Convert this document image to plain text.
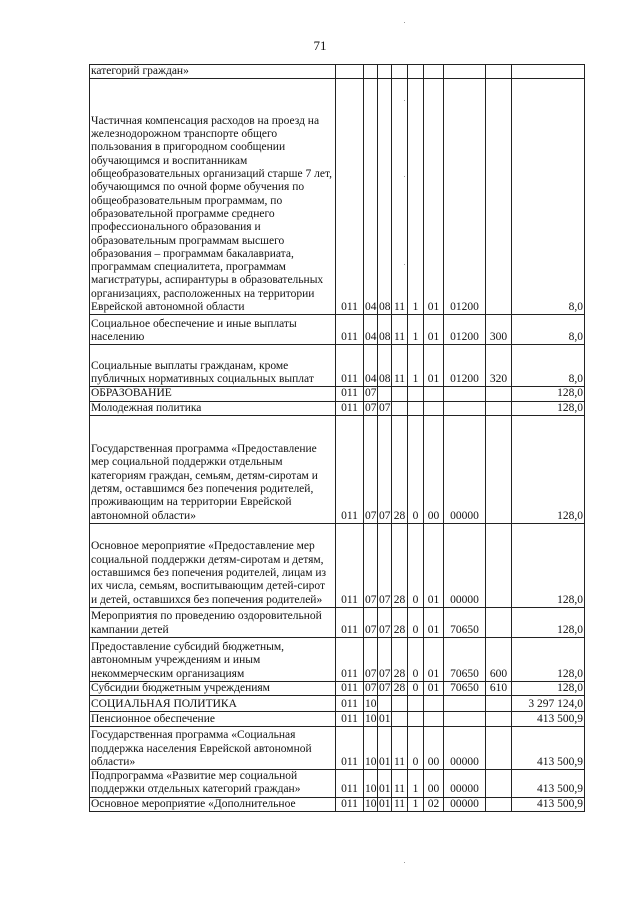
71
категорий граждан»									
Частичная компенсация расходов на проезд на железнодорожном транспорте общего пользования в пригородном сообщении обучающимся и воспитанникам общеобразовательных организаций старше 7 лет, обучающимся по очной форме обучения по общеобразовательным программам, по образовательной программе среднего профессионального образования и образовательным программам высшего образования – программам бакалавриата, программам специалитета, программам магистратуры, аспирантуры в образовательных организациях, расположенных на территории Еврейской автономной области	011	04	08	11	1	01	01200		8,0
Социальное обеспечение и иные выплаты населению	011	04	08	11	1	01	01200	300	8,0
Социальные выплаты гражданам, кроме публичных нормативных социальных выплат	011	04	08	11	1	01	01200	320	8,0
ОБРАЗОВАНИЕ	011	07							128,0
Молодежная политика	011	07	07						128,0
Государственная программа «Предоставление мер социальной поддержки отдельным категориям граждан, семьям, детям-сиротам и детям, оставшимся без попечения родителей, проживающим на территории Еврейской автономной области»	011	07	07	28	0	00	00000		128,0
Основное мероприятие «Предоставление мер социальной поддержки детям-сиротам и детям, оставшимся без попечения родителей, лицам из их числа, семьям, воспитывающим детей-сирот и детей, оставшихся без попечения родителей»	011	07	07	28	0	01	00000		128,0
Мероприятия по проведению оздоровительной кампании детей	011	07	07	28	0	01	70650		128,0
Предоставление субсидий бюджетным, автономным учреждениям и иным некоммерческим организациям	011	07	07	28	0	01	70650	600	128,0
Субсидии бюджетным учреждениям	011	07	07	28	0	01	70650	610	128,0
СОЦИАЛЬНАЯ ПОЛИТИКА	011	10							3 297 124,0
Пенсионное обеспечение	011	10	01						413 500,9
Государственная программа «Социальная поддержка населения Еврейской автономной области»	011	10	01	11	0	00	00000		413 500,9
Подпрограмма «Развитие мер социальной поддержки отдельных категорий граждан»	011	10	01	11	1	00	00000		413 500,9
Основное мероприятие «Дополнительное	011	10	01	11	1	02	00000		413 500,9
